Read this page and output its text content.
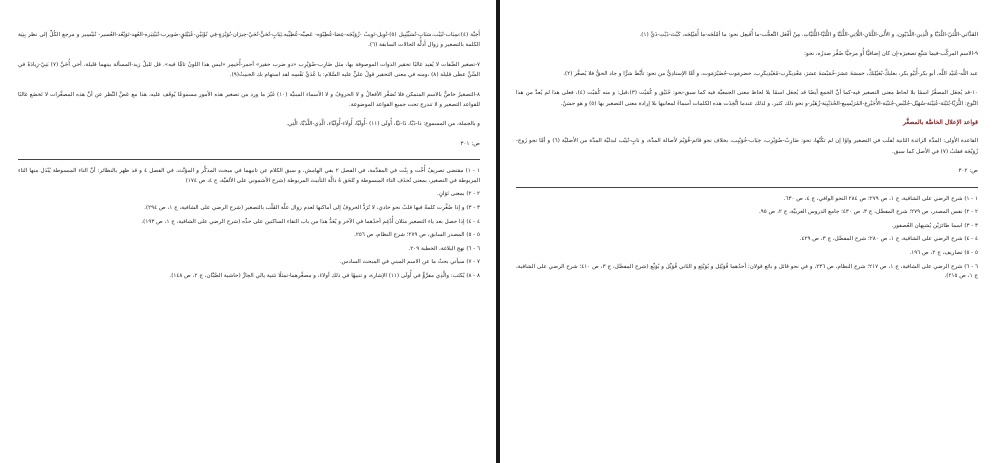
أَخِيَّة (٤):سِبَاب-تُيَيْب.سَبَابٍ-تُسَيِّيْبِيل (٥)-تُوِيل-تَوِيبٌ -زُوَيْجَه-عِصَا-عُطِيّوَه- عَصِيَّه-عُطِيِّيه.ثِيَابٍ-تُحَيُّ-تُحَيْ-حِيرَان-نُوَيْرَةٍ-فِي نُوْيَيْنِ-عُيَيْلِقٍ-ضَويرب-تُبَيْتِيَره-العُهد-تَوَيْعُد-العُسير- تُبَيْسِير و مرجع الكُلِّ إلى نظر بِنِيَة الكلمة بالتصغير و زوال أَدلَّة الحالات السابقة (٦).

٧-تصغير الصِّفات لا يُفيد غالبًا تحقير الذوات الموصوفة بها، مثل ضَارِب-ضُوَيْرِب «دو ضرب حقير» أحمر-أُحَيمِر «ليس هذا اللونُ تامًّا فيه». قل تَليلٌ زيد-المسألة بينهما قليلة، أخي أُخَيَّ (٧) بَنِيّ-زِيادَةٌ في السِّنِّ عظَى قليلة (٨) ،ومنه في معنى التحقير قولُ عليٍّ عليه السَّلام: يا عُدَيِّ نَفْسِه لقد استهام بك الخبيثُ(٩).

٨-التصغيرُ خاصٌّ بالاسم المتمكن فلا تُصَغَّر الأفعالُ و لا الحروفُ و لا الأسماء المبنيَّة (١٠) غَيْرَ ما ورد من تصغير هذه الأمور مسموعًا يُوقَف عليه، هذا مع عَضِّ النَّظر عن أنَّ هذه المصغَّرات لا تَخضَع غالبًا للقواعد التصغير و لا تندرج تحت جميع القواعد الموضوعة.

و بالجملة، من المسموع: ذا-ذَيَّا، ذَا-تَيَّا، أُولَى (١١) -أُولَيَّا، أُولَاء-أُولَيَّاء، الَّذِي-اللَّذَيَّا، الَّتِي.

ص: ٣٠١

١ - ١) مقتضى تصريفٌ أُخْت و بِنْت في المقدَّمة، في الفصل ٢ بقي الهامش، و سبق الكلام عن تانيهما في مبحث المذكَّر و المؤنَّث، في الفصل ٤ و قد ظهر بالنظائر: أنَّ التاء المبسوطة يُبْدَل منها التاء المربوطة في التصغير، بمعنى تُحذَف التاء المبسوطة و تُلحَق ةُ دالَّة التأنيث المربوطة (شرح الأشموني على الألفيَّة، ج ٤، ص ١٧٤)

٢ - ٢) بمعنى تَوَانٍ.

٣ - ٣) و إذا صُغِّرت كلمةٌ فيها قلبٌ نحو حادي، لا تُرَدُّ الحروفُ إلى أماكنها لعدم زوال علَّة القَلْب بالتصغير (شرح الرضي على الشافية، ج ١، ص ٢٩٤).

٤ - ٤) إذا حصل بعد ياء التصغير مثلان أُدْغِم أحدُهما في الآخر و يُعَدُّ هذا من باب التقاء الساكنين على حدِّه (شرح الرضي على الشافية، ج ١، ص ١٩٣).

٥ - ٥) المصدر السابق، ص ٢٧٩؛ شرح النظام، ص ٢٥٦.

٦ - ٦) نهج البلاغة، الخطبة ٢٠٩.

٧ - ٧) سيأتي بحثٌ ما عن الاسم المبني في المبحث السادس.

٨ - ٨) يُكتَب: والَّذِي مقرَّوٌّ في أُولَى (١١) الإشارة، و تنبيهًا في ذلك أولاءَ، و مصغَّرهما-تمثلًا تثنية يالي الجارِّ (حاشية الصَّبَّان، ج ٢، ص ١٤٨).

القَذَّاني-اللُّتَيّ-اللَّذَيَّا و الَّذِين-اللَّذَيّون، و الأُلَى-اللَّتَانِ-اللَّاتِي-اللُّتَيَّا و اللَّتَيَّا-اللُّتَيَّاتِ. مِنْ أَفْعَل التَّعجُّب-ما أُفَيعِل نحو: ما أمْلَحَه-ما أُمَيْلِحَه، كَيْتَ-ذَيْتِ-ذَيِّ (١).

٩-الاسم المركَّب-فيما شبَّع تصغيرَه-إن كان إضافيًّا أُو مزجيًّا صُغِّر صدرُه، نحو:

عبد اللَّه-عُبَيْد اللَّه، أبو بكر-أُبَيْو بكر، بعلبكَّ-بُعَيْلِبَكَّ، خمسَةَ عشرَ-خُمَيْسَةَ عشرَ، مَعْدِيكَرِب-مُعَيْدِيكَرِب، حضرمَوت-حُضَيْرَمَوت، و أمَّا الإسنادِيُّ من نحو: تأَبَّطَ شرًّا و جاد الحقُّ فلا يُصغَّر (٢).

١٠-قد يُجعَل المصغَّرُ اسمًا بلا لحاظ معنى التصغير فيه-كما أنَّ الجمع أيضًا قد يُجعَل اسمًا بلا لحاظ معنى الجمعيَّة فيه كما سبق-نحو: جُنَيْق و كُمَيْت (٣)،قيل: و منه كُمَيْت (٤)، فعلى هذا لم يُعدَّ من هذا النَّوع: الثُّرَيَّا-بُتَيْنَة-عُيَيْنَة-سُهَيْل-جُلَيْس-جُنَيْبَة-الأُجَيْرِع-المُرَيْسِيع-الحُدَيْبِيَة-زُهَيْر-و نحو ذلك كثير، و لذلك عندما اتُّخِذَت هذه الكلمات أسماءً لمعانيها بلا إرادة معنى التصغير بها (٥) و هو حسَنٌ.

قواعد الإعلال الخاصَّة بالمصغَّر

القاعدة الأولى: المدَّة الزائدة الثانية تُقلَب في التصغير واوًا إن لم تكُنْها، نحو: ضَارِبٌ-ضُوَيْرِب، خِيَاب-خُوَيْيِب، بخلاف نحو قائم-قُوَيْم لأصالة المدَّة، و نابٍ-نُيَيْب لبدليَّة المدَّة من الأصليَّة (٦) و أمَّا نحو زَوج-زُوَيْجَة فقلبُ (٧) في الأصل كما سبق.

ص: ٣٠٢

١ - ١) شرح الرضي على الشافية، ج ١، ص ٢٧٩؛ ص ٢٨٤ النحو الوافي، ج ٤، ص ٦٣٠.

٢ - ٢) نفس المصدر، ص ٢٧٩؛ شرح المفصَّل، ج ٣، ص ٤٣٠؛ جامع الدروس العربيَّة، ج ٢، ص ٩٥.

٣ - ٣) اسما طائرَيْن يُشبِهان العُصفور.

٤ - ٤) شرح الرضي على الشافية، ج ١، ص ٢٨٠؛ شرح المفصَّل، ج ٣، ص ٤٢٩.

٥ - ٥) تصاريف، ج ٢، ص ١٩٦.

٦ - ٦) شرح الرضي على الشافية، ج ١، ص ٢١٧؛ شرح النظام، ص ٢٣٦، و في نحو قائل و بائع قولان: أحدُهما قُوَيْئِل و بُوَيْئِع و الثاني قُوَيِّل و بُوَيِّع (شرح المفصَّل، ج ٣، ص ٤١٠؛ شرح الرضي على الشافية، ج ١، ص ٢١٥).
